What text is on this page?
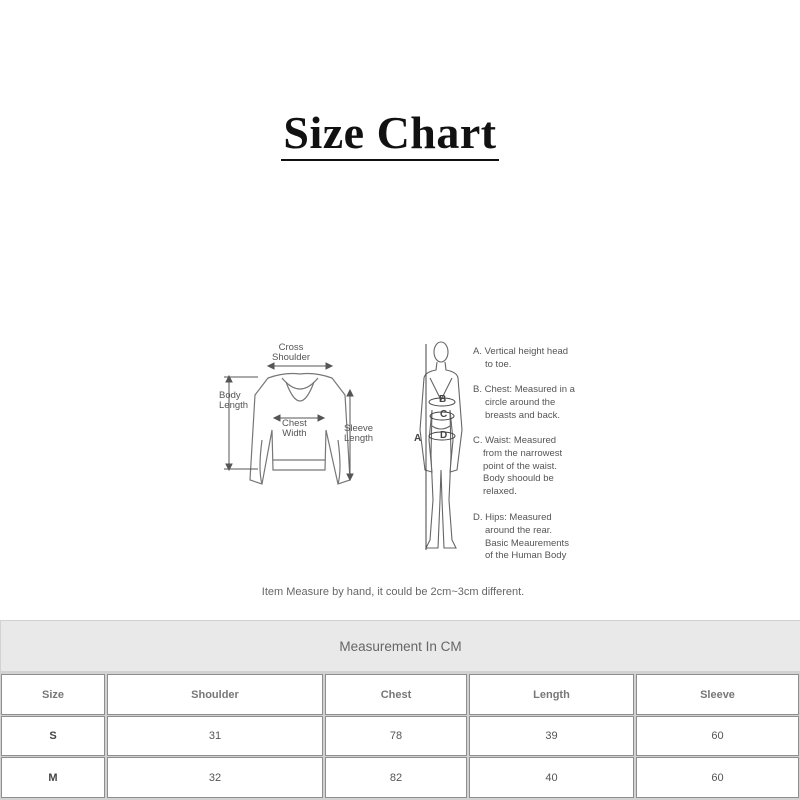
Size Chart
Cross
Shoulder
Body
Length
Chest
Width	Sleeve
Length	A
B
C
D
A. Vertical height head
to toe.
B. Chest: Measured in a
circle around the
breasts and back.
C. Waist: Measured
from the narrowest
point of the waist.
Body shoould be
relaxed.
D. Hips: Measured
around the rear.
Basic Meaurements
of the Human Body
Item Measure by hand, it could be 2cm~3cm different.
Measurement In CM
Size	Shoulder	Chest	Length	Sleeve
S	31	78	39	60
M	32	82	40	60
